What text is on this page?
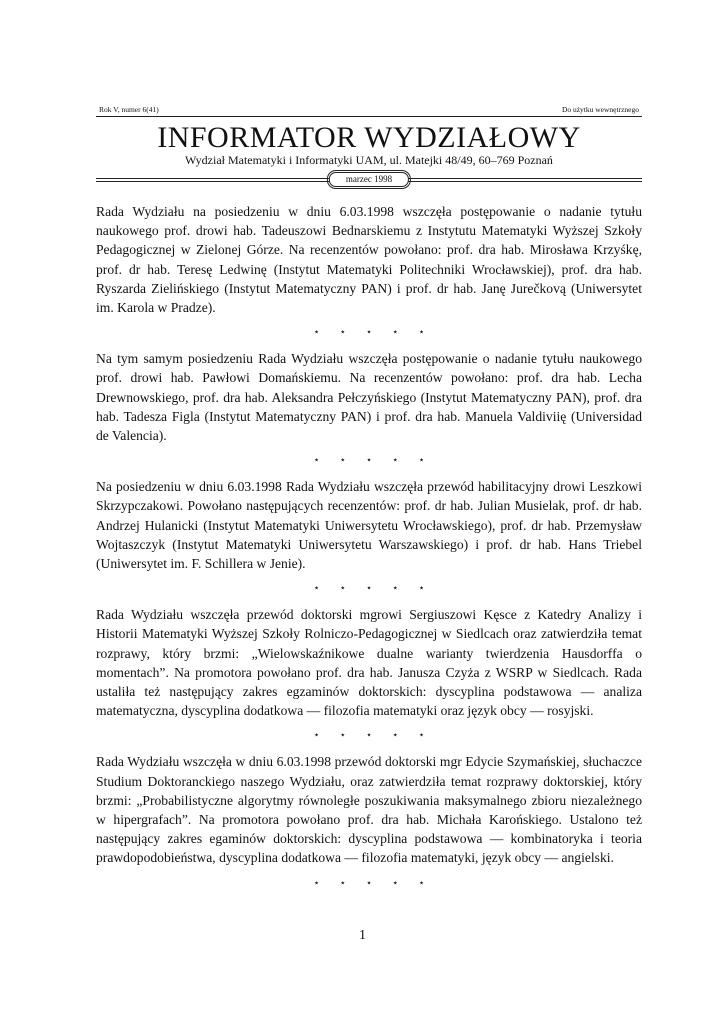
Rok V, numer 6(41)	Do użytku wewnętrznego
INFORMATOR WYDZIAŁOWY
Wydział Matematyki i Informatyki UAM, ul. Matejki 48/49, 60–769 Poznań
marzec 1998

Rada Wydziału na posiedzeniu w dniu 6.03.1998 wszczęła postępowanie o nadanie tytułu naukowego prof. drowi hab. Tadeuszowi Bednarskiemu z Instytutu Matematyki Wyższej Szkoły Pedagogicznej w Zielonej Górze. Na recenzentów powołano: prof. dra hab. Mirosława Krzyśkę, prof. dr hab. Teresę Ledwinę (Instytut Matematyki Politechniki Wrocławskiej), prof. dra hab. Ryszarda Zielińskiego (Instytut Matematyczny PAN) i prof. dr hab. Janę Jurečkovą (Uniwersytet im. Karola w Pradze).

⋆ ⋆ ⋆ ⋆ ⋆

Na tym samym posiedzeniu Rada Wydziału wszczęła postępowanie o nadanie tytułu naukowego prof. drowi hab. Pawłowi Domańskiemu. Na recenzentów powołano: prof. dra hab. Lecha Drewnowskiego, prof. dra hab. Aleksandra Pełczyńskiego (Instytut Matematyczny PAN), prof. dra hab. Tadesza Figla (Instytut Matematyczny PAN) i prof. dra hab. Manuela Valdiviię (Universidad de Valencia).

⋆ ⋆ ⋆ ⋆ ⋆

Na posiedzeniu w dniu 6.03.1998 Rada Wydziału wszczęła przewód habilitacyjny drowi Leszkowi Skrzypczakowi. Powołano następujących recenzentów: prof. dr hab. Julian Musielak, prof. dr hab. Andrzej Hulanicki (Instytut Matematyki Uniwersytetu Wrocławskiego), prof. dr hab. Przemysław Wojtaszczyk (Instytut Matematyki Uniwersytetu Warszawskiego) i prof. dr hab. Hans Triebel (Uniwersytet im. F. Schillera w Jenie).

⋆ ⋆ ⋆ ⋆ ⋆

Rada Wydziału wszczęła przewód doktorski mgrowi Sergiuszowi Kęsce z Katedry Analizy i Historii Matematyki Wyższej Szkoły Rolniczo-Pedagogicznej w Siedlcach oraz zatwierdziła temat rozprawy, który brzmi: „Wielowskaźnikowe dualne warianty twierdzenia Hausdorffa o momentach”. Na promotora powołano prof. dra hab. Janusza Czyża z WSRP w Siedlcach. Rada ustaliła też następujący zakres egzaminów doktorskich: dyscyplina podstawowa — analiza matematyczna, dyscyplina dodatkowa — filozofia matematyki oraz język obcy — rosyjski.

⋆ ⋆ ⋆ ⋆ ⋆

Rada Wydziału wszczęła w dniu 6.03.1998 przewód doktorski mgr Edycie Szymańskiej, słuchaczce Studium Doktoranckiego naszego Wydziału, oraz zatwierdziła temat rozprawy doktorskiej, który brzmi: „Probabilistyczne algorytmy równoległe poszukiwania maksymalnego zbioru niezależnego w hipergrafach”. Na promotora powołano prof. dra hab. Michała Karońskiego. Ustalono też następujący zakres egaminów doktorskich: dyscyplina podstawowa — kombinatoryka i teoria prawdopodobieństwa, dyscyplina dodatkowa — filozofia matematyki, język obcy — angielski.

⋆ ⋆ ⋆ ⋆ ⋆
1
